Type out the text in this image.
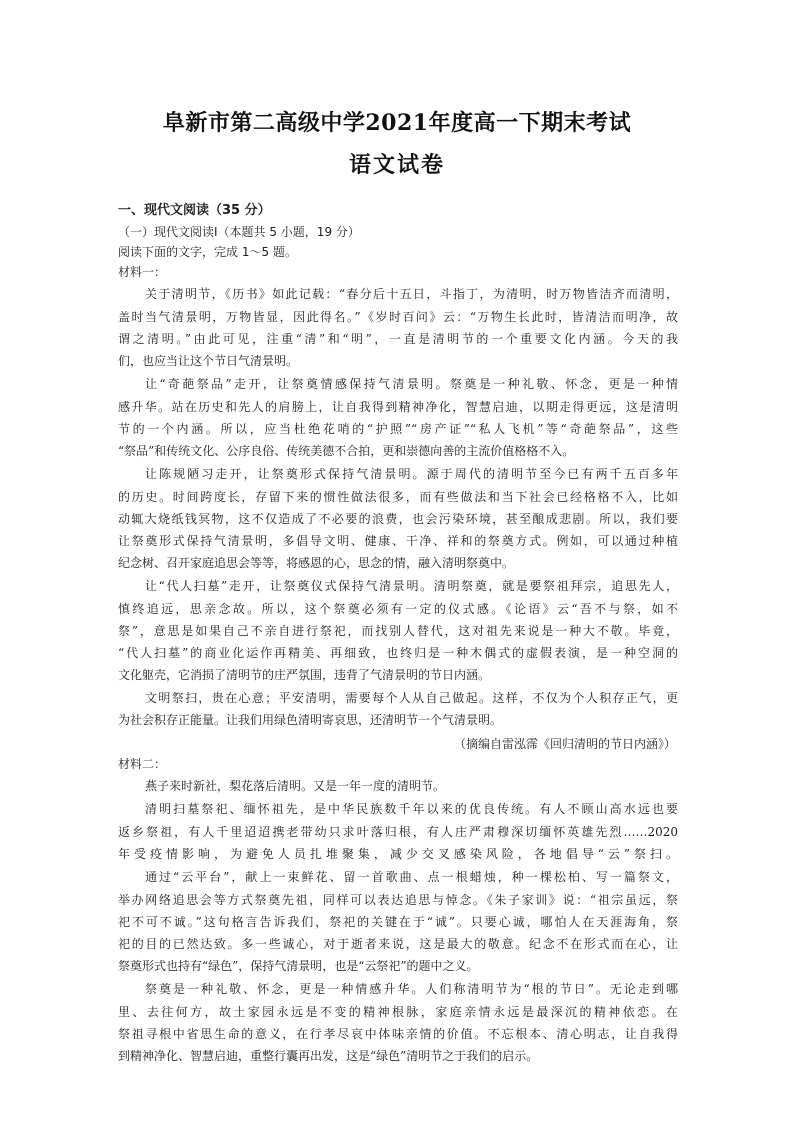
阜新市第二高级中学2021年度高一下期末考试
语文试卷
一、现代文阅读（35 分）
（一）现代文阅读Ⅰ（本题共 5 小题，19 分）
阅读下面的文字，完成 1～5 题。
材料一：
关于清明节，《历书》如此记载：“春分后十五日，斗指丁，为清明，时万物皆洁齐而清明，
盖时当气清景明，万物皆显，因此得名。”《岁时百问》云：“万物生长此时，皆清洁而明净，故
谓之清明。”由此可见，注重“清”和“明”，一直是清明节的一个重要文化内涵。今天的我
们，也应当让这个节日气清景明。
让“奇葩祭品”走开，让祭奠情感保持气清景明。祭奠是一种礼敬、怀念，更是一种情
感升华。站在历史和先人的肩膀上，让自我得到精神净化，智慧启迪，以期走得更远，这是清明
节的一个内涵。所以，应当杜绝花哨的“护照”“房产证”“私人飞机”等“奇葩祭品”，这些
“祭品”和传统文化、公序良俗、传统美德不合拍，更和崇德向善的主流价值格格不入。
让陈规陋习走开，让祭奠形式保持气清景明。源于周代的清明节至今已有两千五百多年
的历史。时间跨度长，存留下来的惯性做法很多，而有些做法和当下社会已经格格不入，比如
动辄大烧纸钱冥物，这不仅造成了不必要的浪费，也会污染环境，甚至酿成悲剧。所以，我们要
让祭奠形式保持气清景明，多倡导文明、健康、干净、祥和的祭奠方式。例如，可以通过种植
纪念树、召开家庭追思会等等，将感恩的心，思念的情，融入清明祭奠中。
让“代人扫墓”走开，让祭奠仪式保持气清景明。清明祭奠，就是要祭祖拜宗，追思先人，
慎终追远，思亲念故。所以，这个祭奠必须有一定的仪式感。《论语》云“吾不与祭，如不
祭”，意思是如果自己不亲自进行祭祀，而找别人替代，这对祖先来说是一种大不敬。毕竟，
“代人扫墓”的商业化运作再精美、再细致，也终归是一种木偶式的虚假表演，是一种空洞的
文化躯壳，它消损了清明节的庄严氛围，违背了气清景明的节日内涵。
文明祭扫，贵在心意；平安清明，需要每个人从自己做起。这样，不仅为个人积存正气，更
为社会积存正能量。让我们用绿色清明寄哀思，还清明节一个气清景明。
（摘编自雷泓霈《回归清明的节日内涵》）
材料二：
燕子来时新社，梨花落后清明。又是一年一度的清明节。
清明扫墓祭祀、缅怀祖先，是中华民族数千年以来的优良传统。有人不顾山高水远也要
返乡祭祖，有人千里迢迢携老带幼只求叶落归根，有人庄严肃穆深切缅怀英雄先烈……2020
年受疫情影响，为避免人员扎堆聚集，减少交叉感染风险，各地倡导“云”祭扫。
通过“云平台”，献上一束鲜花、留一首歌曲、点一根蜡烛，种一棵松柏、写一篇祭文，
举办网络追思会等方式祭奠先祖，同样可以表达追思与悼念。《朱子家训》说：“祖宗虽远，祭
祀不可不诚。”这句格言告诉我们，祭祀的关键在于“诚”。只要心诚，哪怕人在天涯海角，祭
祀的目的已然达致。多一些诚心，对于逝者来说，这是最大的敬意。纪念不在形式而在心，让
祭奠形式也持有“绿色”，保持气清景明，也是“云祭祀”的题中之义。
祭奠是一种礼敬、怀念，更是一种情感升华。人们称清明节为“根的节日”。无论走到哪
里、去往何方，故土家园永远是不变的精神根脉，家庭亲情永远是最深沉的精神依恋。在
祭祖寻根中省思生命的意义，在行孝尽哀中体味亲情的价值。不忘根本、清心明志，让自我得
到精神净化、智慧启迪，重整行囊再出发，这是“绿色”清明节之于我们的启示。
